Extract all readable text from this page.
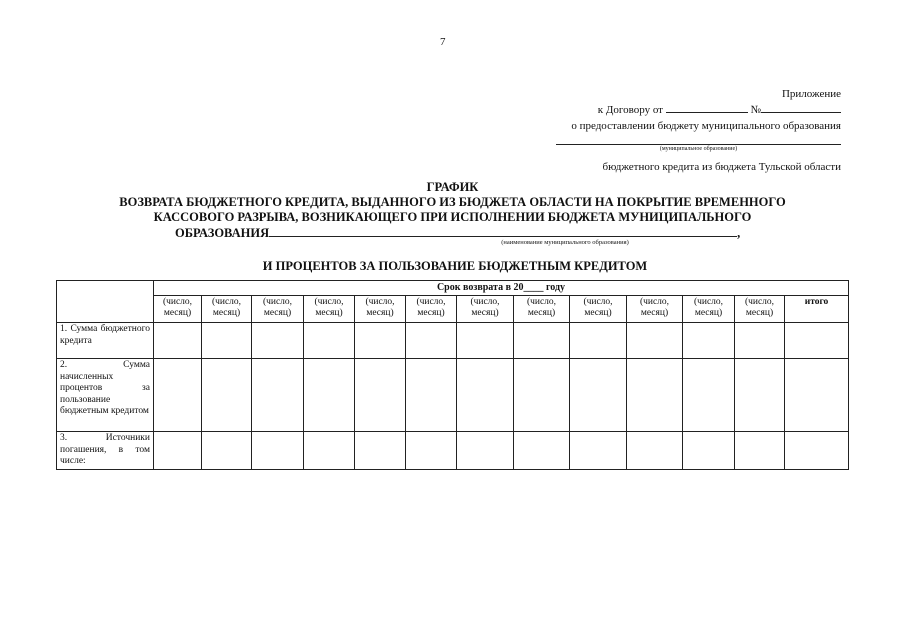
7
Приложение
к Договору от	№
о предоставлении бюджету муниципального образования
(муниципальное образование)
бюджетного кредита из бюджета Тульской области
ГРАФИК
ВОЗВРАТА БЮДЖЕТНОГО КРЕДИТА, ВЫДАННОГО ИЗ БЮДЖЕТА ОБЛАСТИ НА ПОКРЫТИЕ ВРЕМЕННОГО
КАССОВОГО РАЗРЫВА, ВОЗНИКАЮЩЕГО ПРИ ИСПОЛНЕНИИ БЮДЖЕТА МУНИЦИПАЛЬНОГО
ОБРАЗОВАНИЯ	,
(наименование муниципального образования)
И ПРОЦЕНТОВ ЗА ПОЛЬЗОВАНИЕ БЮДЖЕТНЫМ КРЕДИТОМ
	Срок возврата в 20____ году												
	(число, месяц)	(число, месяц)	(число, месяц)	(число, месяц)	(число, месяц)	(число, месяц)	(число, месяц)	(число, месяц)	(число, месяц)	(число, месяц)	(число, месяц)	(число, месяц)	итого
1. Сумма бюджетного кредита													
2. Сумма начисленных процентов за пользование бюджетным кредитом													
3. Источники погашения, в том числе:													
